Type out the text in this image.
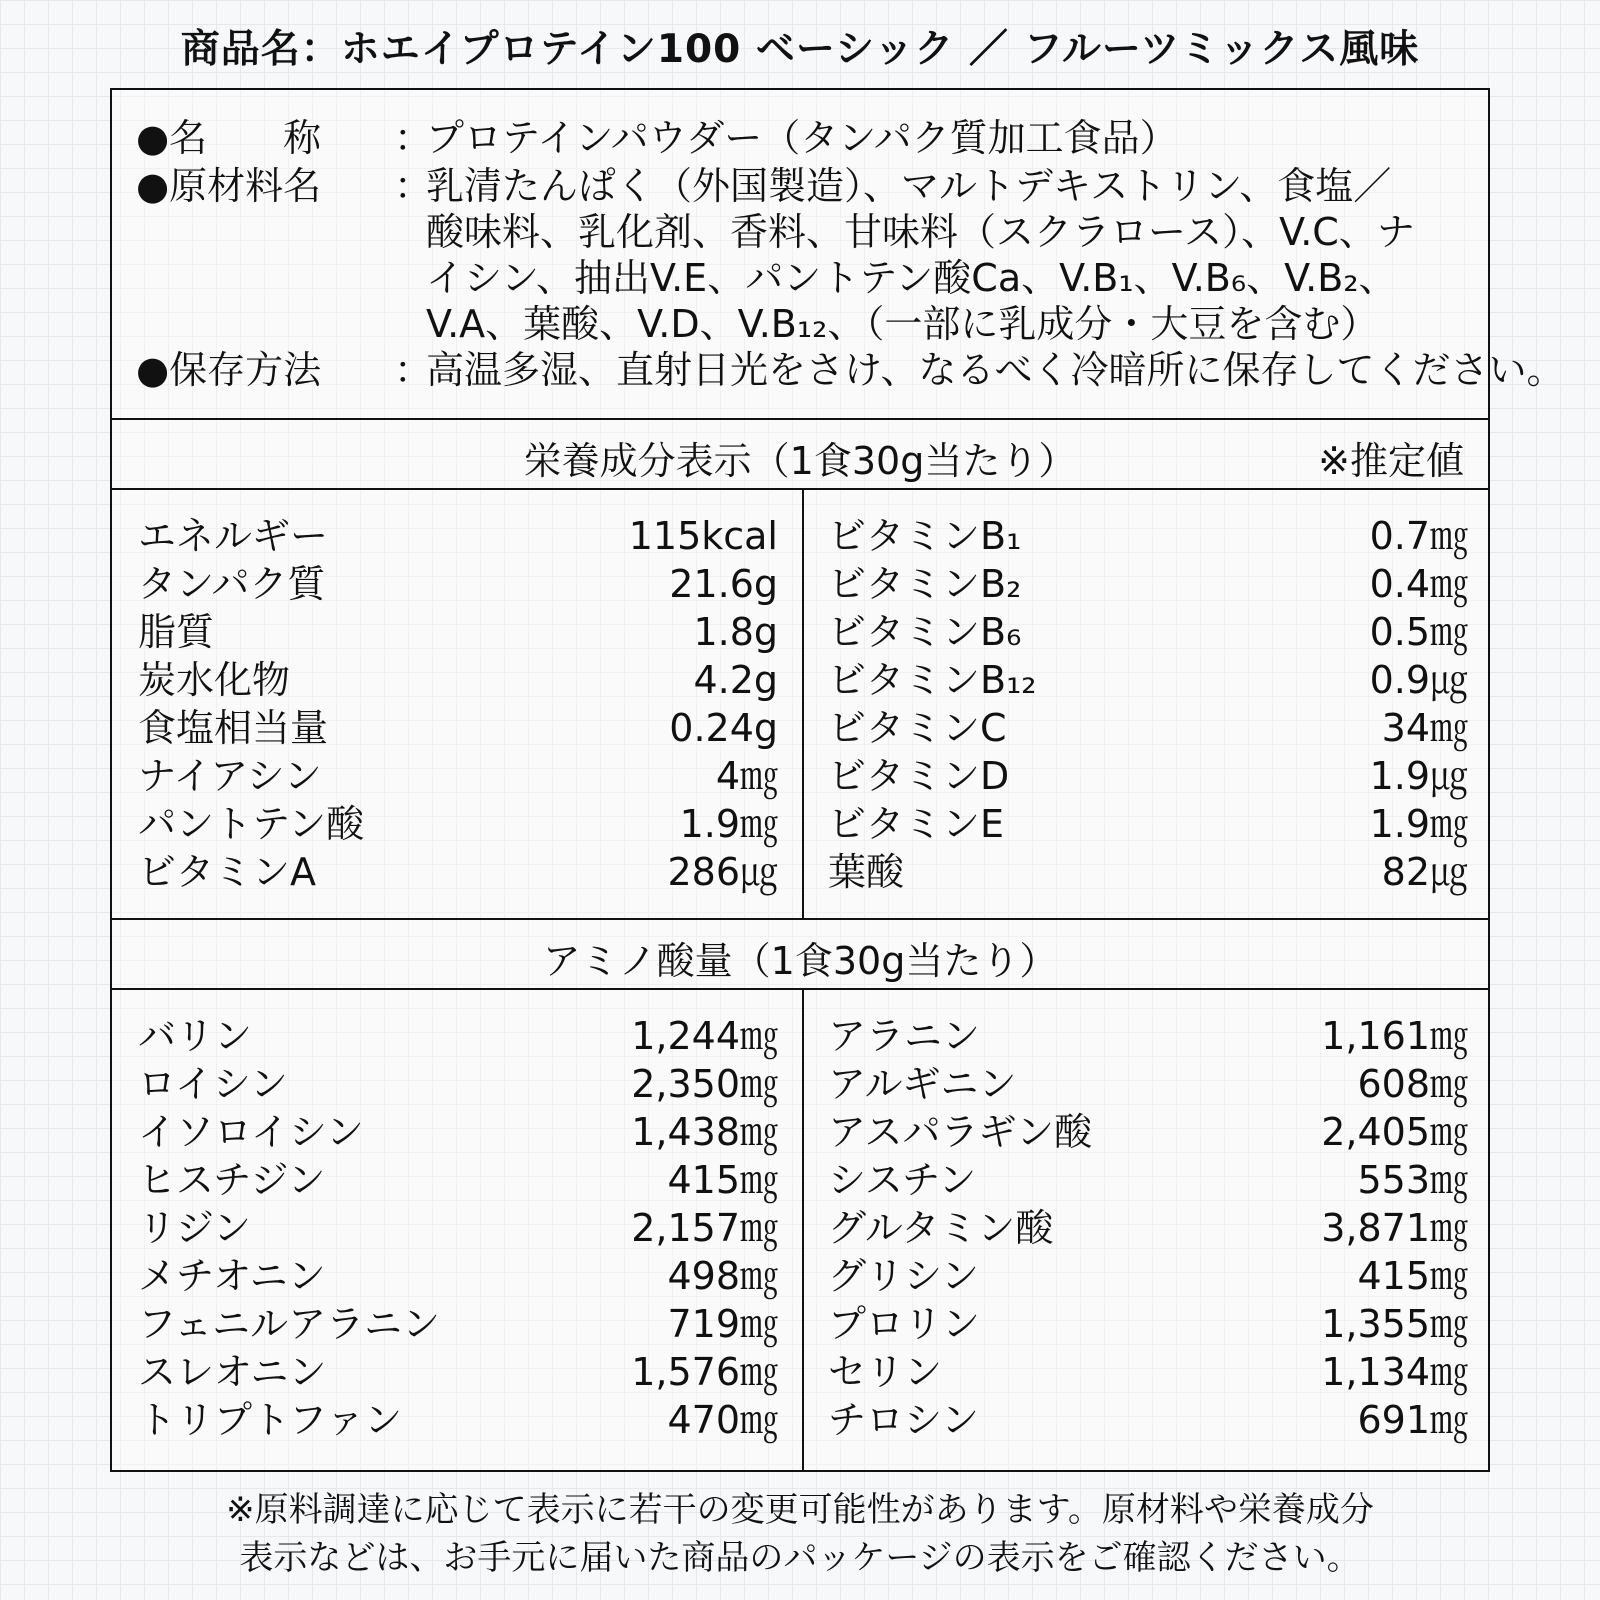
商品名：ホエイプロテイン100 ベーシック ／ フルーツミックス風味
●名　　称	：
プロテインパウダー（タンパク質加工食品）
●原材料名	：
乳清たんぱく（外国製造）、マルトデキストリン、食塩／
酸味料、乳化剤、香料、甘味料（スクラロース）、V.C、ナ
イシン、抽出V.E、パントテン酸Ca、V.B₁、V.B₆、V.B₂、
V.A、葉酸、V.D、V.B₁₂、（一部に乳成分・大豆を含む）
●保存方法	：
高温多湿、直射日光をさけ、なるべく冷暗所に保存してください。
栄養成分表示（1食30g当たり）	※推定値
エネルギー	115kcal
タンパク質	21.6g
脂質	1.8g
炭水化物	4.2g
食塩相当量	0.24g
ナイアシン	4㎎
パントテン酸	1.9㎎
ビタミンA	286㎍
ビタミンB₁	0.7㎎
ビタミンB₂	0.4㎎
ビタミンB₆	0.5㎎
ビタミンB₁₂	0.9㎍
ビタミンC	34㎎
ビタミンD	1.9㎍
ビタミンE	1.9㎎
葉酸	82㎍
アミノ酸量（1食30g当たり）
バリン	1,244㎎
ロイシン	2,350㎎
イソロイシン	1,438㎎
ヒスチジン	415㎎
リジン	2,157㎎
メチオニン	498㎎
フェニルアラニン	719㎎
スレオニン	1,576㎎
トリプトファン	470㎎
アラニン	1,161㎎
アルギニン	608㎎
アスパラギン酸	2,405㎎
シスチン	553㎎
グルタミン酸	3,871㎎
グリシン	415㎎
プロリン	1,355㎎
セリン	1,134㎎
チロシン	691㎎
※原料調達に応じて表示に若干の変更可能性があります。原材料や栄養成分
表示などは、お手元に届いた商品のパッケージの表示をご確認ください。
